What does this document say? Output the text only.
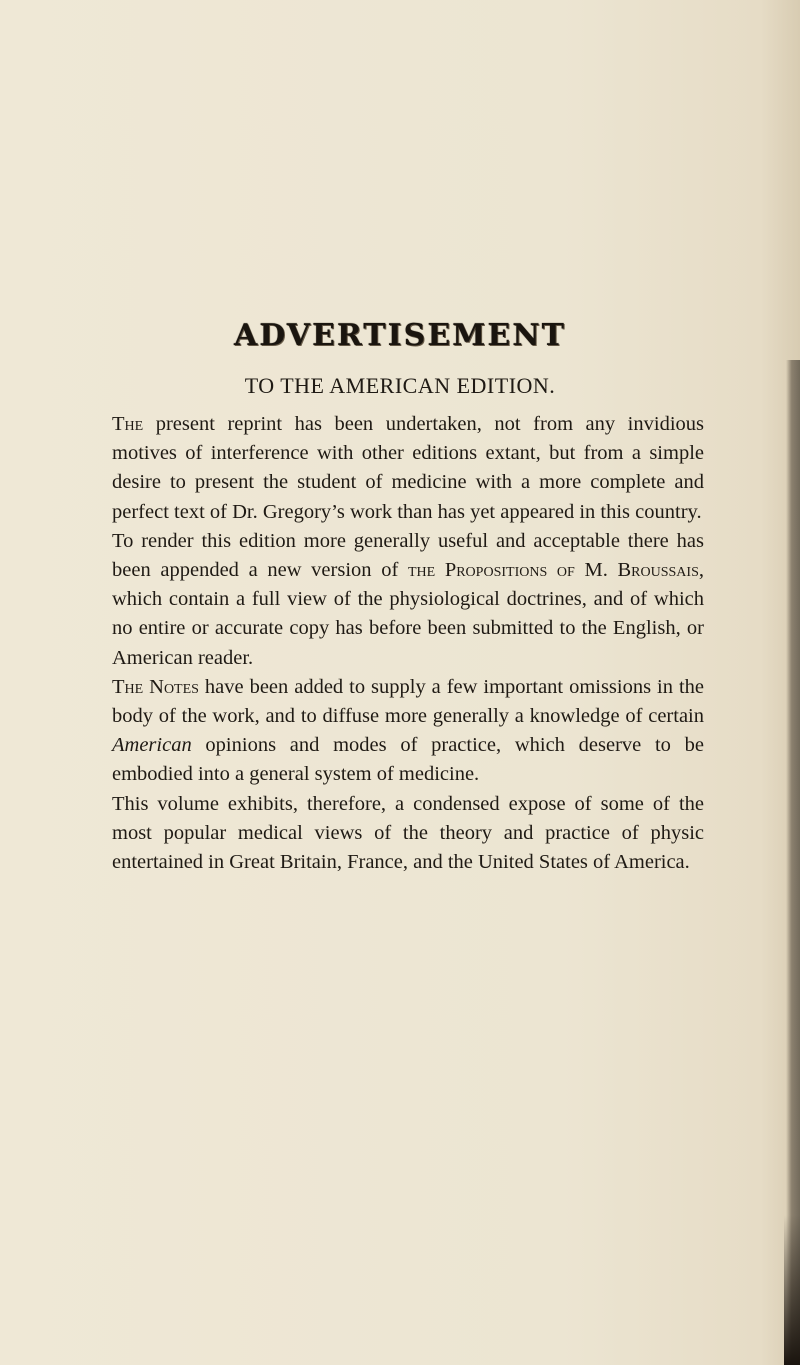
ADVERTISEMENT
TO THE AMERICAN EDITION.

The present reprint has been undertaken, not from any invidious motives of interference with other editions extant, but from a simple desire to present the student of medicine with a more complete and perfect text of Dr. Gregory’s work than has yet appeared in this country.

To render this edition more generally useful and acceptable there has been appended a new version of the Propositions of M. Broussais, which contain a full view of the physiological doctrines, and of which no entire or accurate copy has before been submitted to the English, or American reader.

The Notes have been added to supply a few important omissions in the body of the work, and to diffuse more generally a knowledge of certain American opinions and modes of practice, which deserve to be embodied into a general system of medicine.

This volume exhibits, therefore, a condensed expose of some of the most popular medical views of the theory and practice of physic entertained in Great Britain, France, and the United States of America.
